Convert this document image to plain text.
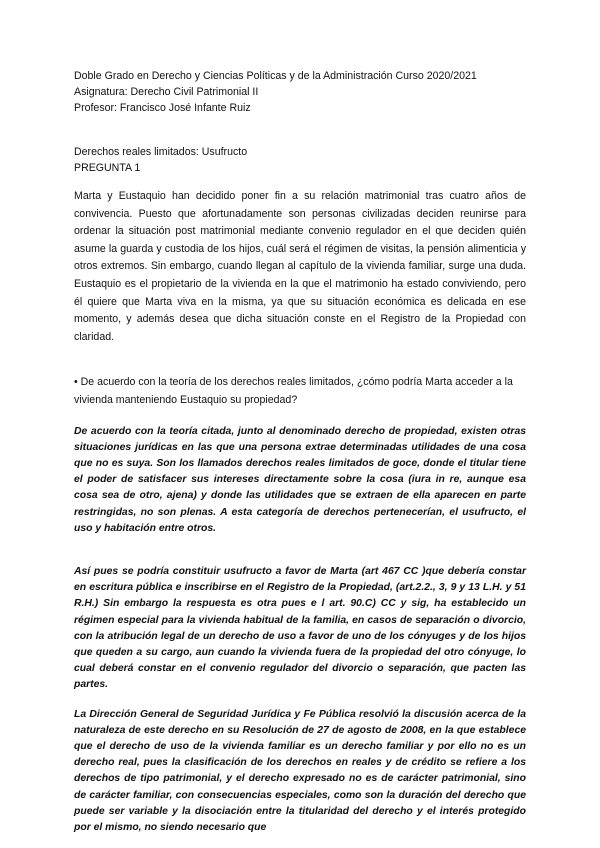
Doble Grado en Derecho y Ciencias Políticas y de la Administración Curso 2020/2021
Asignatura: Derecho Civil Patrimonial II
Profesor: Francisco José Infante Ruiz
Derechos reales limitados: Usufructo
PREGUNTA 1

Marta y Eustaquio han decidido poner fin a su relación matrimonial tras cuatro años de convivencia. Puesto que afortunadamente son personas civilizadas deciden reunirse para ordenar la situación post matrimonial mediante convenio regulador en el que deciden quién asume la guarda y custodia de los hijos, cuál será el régimen de visitas, la pensión alimenticia y otros extremos. Sin embargo, cuando llegan al capítulo de la vivienda familiar, surge una duda. Eustaquio es el propietario de la vivienda en la que el matrimonio ha estado conviviendo, pero él quiere que Marta viva en la misma, ya que su situación económica es delicada en ese momento, y además desea que dicha situación conste en el Registro de la Propiedad con claridad.

• De acuerdo con la teoría de los derechos reales limitados, ¿cómo podría Marta acceder a la vivienda manteniendo Eustaquio su propiedad?

De acuerdo con la teoría citada, junto al denominado derecho de propiedad, existen otras situaciones jurídicas en las que una persona extrae determinadas utilidades de una cosa que no es suya. Son los llamados derechos reales limitados de goce, donde el titular tiene el poder de satisfacer sus intereses directamente sobre la cosa (iura in re, aunque esa cosa sea de otro, ajena) y donde las utilidades que se extraen de ella aparecen en parte restringidas, no son plenas. A esta categoría de derechos pertenecerían, el usufructo, el uso y habitación entre otros.

Así pues se podría constituir usufructo a favor de Marta (art 467 CC )que debería constar en escritura pública e inscribirse en el Registro de la Propiedad, (art.2.2., 3, 9 y 13 L.H. y 51 R.H.) Sin embargo la respuesta es otra pues e l art. 90.C) CC y sig, ha establecido un régimen especial para la vivienda habitual de la familia, en casos de separación o divorcio, con la atribución legal de un derecho de uso a favor de uno de los cónyuges y de los hijos que queden a su cargo, aun cuando la vivienda fuera de la propiedad del otro cónyuge, lo cual deberá constar en el convenio regulador del divorcio o separación, que pacten las partes.

La Dirección General de Seguridad Jurídica y Fe Pública resolvió la discusión acerca de la naturaleza de este derecho en su Resolución de 27 de agosto de 2008, en la que establece que el derecho de uso de la vivienda familiar es un derecho familiar y por ello no es un derecho real, pues la clasificación de los derechos en reales y de crédito se refiere a los derechos de tipo patrimonial, y el derecho expresado no es de carácter patrimonial, sino de carácter familiar, con consecuencias especiales, como son la duración del derecho que puede ser variable y la disociación entre la titularidad del derecho y el interés protegido por el mismo, no siendo necesario que
